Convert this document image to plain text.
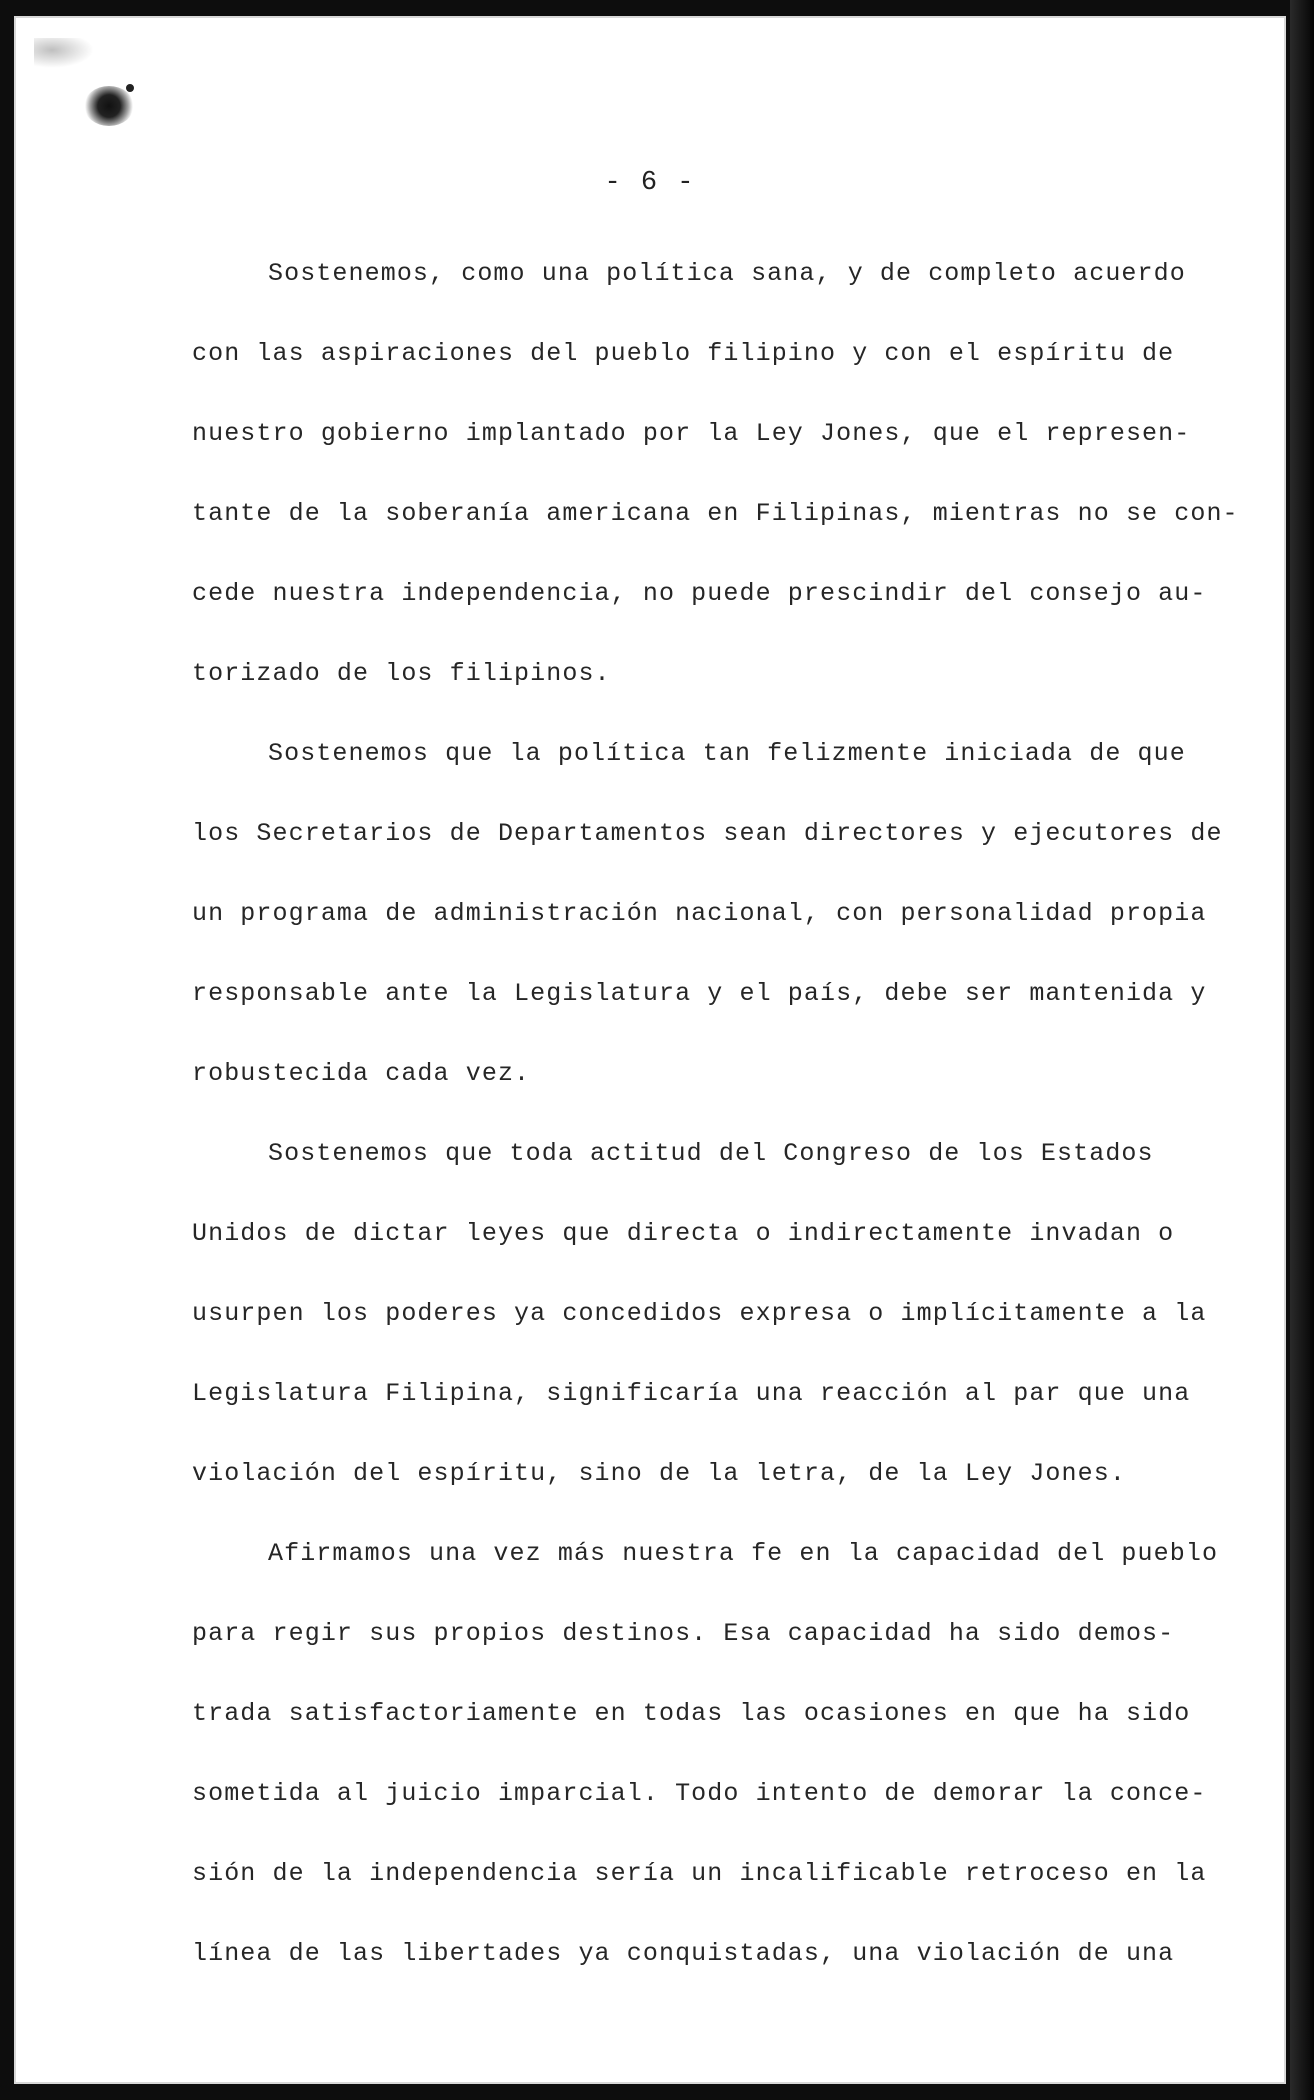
- 6 -

Sostenemos, como una política sana, y de completo acuerdo
con las aspiraciones del pueblo filipino y con el espíritu de
nuestro gobierno implantado por la Ley Jones, que el represen-
tante de la soberanía americana en Filipinas, mientras no se con-
cede nuestra independencia, no puede prescindir del consejo au-
torizado de los filipinos.

Sostenemos que la política tan felizmente iniciada de que
los Secretarios de Departamentos sean directores y ejecutores de
un programa de administración nacional, con personalidad propia
responsable ante la Legislatura y el país, debe ser mantenida y
robustecida cada vez.

Sostenemos que toda actitud del Congreso de los Estados
Unidos de dictar leyes que directa o indirectamente invadan o
usurpen los poderes ya concedidos expresa o implícitamente a la
Legislatura Filipina, significaría una reacción al par que una
violación del espíritu, sino de la letra, de la Ley Jones.

Afirmamos una vez más nuestra fe en la capacidad del pueblo
para regir sus propios destinos. Esa capacidad ha sido demos-
trada satisfactoriamente en todas las ocasiones en que ha sido
sometida al juicio imparcial. Todo intento de demorar la conce-
sión de la independencia sería un incalificable retroceso en la
línea de las libertades ya conquistadas, una violación de una
